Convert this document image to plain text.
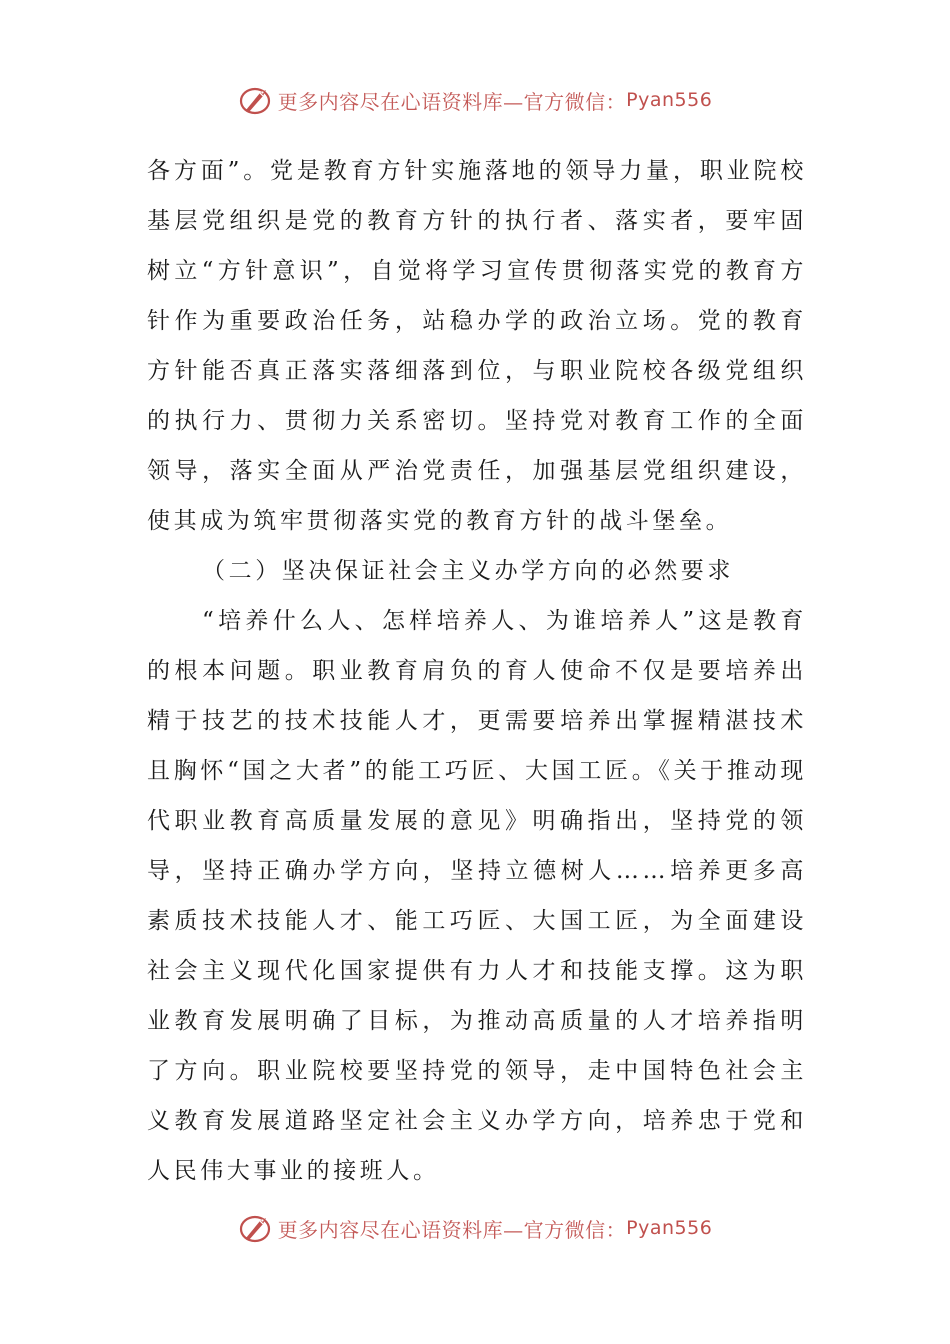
更多内容尽在心语资料库—官方微信： Pyan556

各方面”。党是教育方针实施落地的领导力量，职业院校基层党组织是党的教育方针的执行者、落实者，要牢固树立“方针意识”，自觉将学习宣传贯彻落实党的教育方针作为重要政治任务，站稳办学的政治立场。党的教育方针能否真正落实落细落到位，与职业院校各级党组织的执行力、贯彻力关系密切。坚持党对教育工作的全面领导，落实全面从严治党责任，加强基层党组织建设，使其成为筑牢贯彻落实党的教育方针的战斗堡垒。

（二）坚决保证社会主义办学方向的必然要求

“培养什么人、怎样培养人、为谁培养人”这是教育的根本问题。职业教育肩负的育人使命不仅是要培养出精于技艺的技术技能人才，更需要培养出掌握精湛技术且胸怀“国之大者”的能工巧匠、大国工匠。《关于推动现代职业教育高质量发展的意见》明确指出，坚持党的领导，坚持正确办学方向，坚持立德树人……培养更多高素质技术技能人才、能工巧匠、大国工匠，为全面建设社会主义现代化国家提供有力人才和技能支撑。这为职业教育发展明确了目标，为推动高质量的人才培养指明了方向。职业院校要坚持党的领导，走中国特色社会主义教育发展道路坚定社会主义办学方向，培养忠于党和人民伟大事业的接班人。

更多内容尽在心语资料库—官方微信： Pyan556
